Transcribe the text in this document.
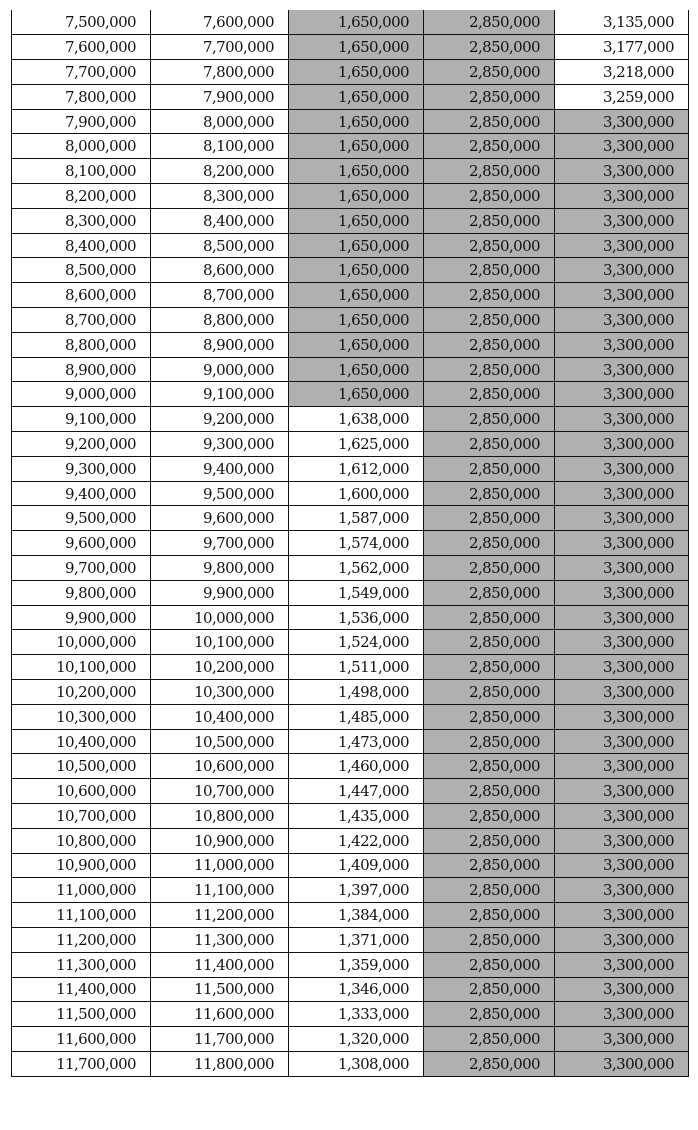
7,500,000	7,600,000	1,650,000	2,850,000	3,135,000
7,600,000	7,700,000	1,650,000	2,850,000	3,177,000
7,700,000	7,800,000	1,650,000	2,850,000	3,218,000
7,800,000	7,900,000	1,650,000	2,850,000	3,259,000
7,900,000	8,000,000	1,650,000	2,850,000	3,300,000
8,000,000	8,100,000	1,650,000	2,850,000	3,300,000
8,100,000	8,200,000	1,650,000	2,850,000	3,300,000
8,200,000	8,300,000	1,650,000	2,850,000	3,300,000
8,300,000	8,400,000	1,650,000	2,850,000	3,300,000
8,400,000	8,500,000	1,650,000	2,850,000	3,300,000
8,500,000	8,600,000	1,650,000	2,850,000	3,300,000
8,600,000	8,700,000	1,650,000	2,850,000	3,300,000
8,700,000	8,800,000	1,650,000	2,850,000	3,300,000
8,800,000	8,900,000	1,650,000	2,850,000	3,300,000
8,900,000	9,000,000	1,650,000	2,850,000	3,300,000
9,000,000	9,100,000	1,650,000	2,850,000	3,300,000
9,100,000	9,200,000	1,638,000	2,850,000	3,300,000
9,200,000	9,300,000	1,625,000	2,850,000	3,300,000
9,300,000	9,400,000	1,612,000	2,850,000	3,300,000
9,400,000	9,500,000	1,600,000	2,850,000	3,300,000
9,500,000	9,600,000	1,587,000	2,850,000	3,300,000
9,600,000	9,700,000	1,574,000	2,850,000	3,300,000
9,700,000	9,800,000	1,562,000	2,850,000	3,300,000
9,800,000	9,900,000	1,549,000	2,850,000	3,300,000
9,900,000	10,000,000	1,536,000	2,850,000	3,300,000
10,000,000	10,100,000	1,524,000	2,850,000	3,300,000
10,100,000	10,200,000	1,511,000	2,850,000	3,300,000
10,200,000	10,300,000	1,498,000	2,850,000	3,300,000
10,300,000	10,400,000	1,485,000	2,850,000	3,300,000
10,400,000	10,500,000	1,473,000	2,850,000	3,300,000
10,500,000	10,600,000	1,460,000	2,850,000	3,300,000
10,600,000	10,700,000	1,447,000	2,850,000	3,300,000
10,700,000	10,800,000	1,435,000	2,850,000	3,300,000
10,800,000	10,900,000	1,422,000	2,850,000	3,300,000
10,900,000	11,000,000	1,409,000	2,850,000	3,300,000
11,000,000	11,100,000	1,397,000	2,850,000	3,300,000
11,100,000	11,200,000	1,384,000	2,850,000	3,300,000
11,200,000	11,300,000	1,371,000	2,850,000	3,300,000
11,300,000	11,400,000	1,359,000	2,850,000	3,300,000
11,400,000	11,500,000	1,346,000	2,850,000	3,300,000
11,500,000	11,600,000	1,333,000	2,850,000	3,300,000
11,600,000	11,700,000	1,320,000	2,850,000	3,300,000
11,700,000	11,800,000	1,308,000	2,850,000	3,300,000
